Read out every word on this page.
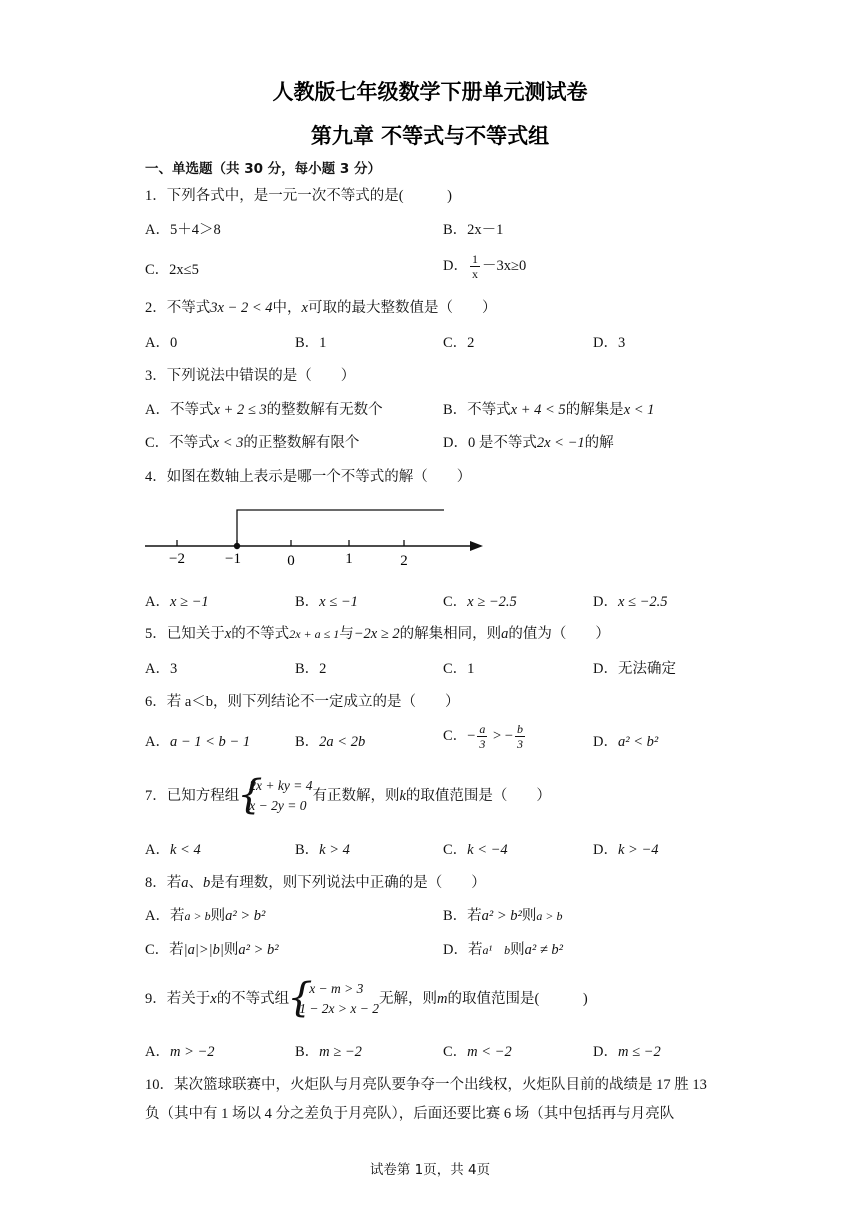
人教版七年级数学下册单元测试卷
第九章 不等式与不等式组
一、单选题（共 30 分，每小题 3 分）
1．下列各式中，是一元一次不等式的是(　　　)
A．5＋4＞8	B．2x－1
C．2x≤5	D． $\frac{1}{x} -3x\ge 0$
2．不等式3x − 2 < 4中，x可取的最大整数值是（　　）
A．0	B．1	C．2	D．3
3．下列说法中错误的是（　　）
A．不等式x + 2 ≤ 3的整数解有无数个	B．不等式x + 4 < 5的解集是x < 1
C．不等式x < 3的正整数解有限个	D．0 是不等式2x < −1的解
4．如图在数轴上表示是哪一个不等式的解（　　）
−2	−1	0	1	2
A．x ≥ −1	B．x ≤ −1	C．x ≥ −2.5	D．x ≤ −2.5
5．已知关于x的不等式2x + a ≤ 1与−2x ≥ 2的解集相同，则a的值为（　　）
A．3	B．2	C．1	D．无法确定
6．若 a＜b，则下列结论不一定成立的是（　　）
A．a − 1 < b − 1	B．2a < 2b	C．− $\frac{a}{3}$ > − $\frac{b}{3}$	D．a² < b²
7．已知方程组
{ 2x + ky = 4
x − 2y = 0
有正数解，则k的取值范围是（　　）
A．k < 4	B．k > 4	C．k < −4	D．k > −4
8．若a、b是有理数，则下列说法中正确的是（　　）
A．若a > b则a² > b²	B．若a² > b²则a > b
C．若|a|>|b|则a² > b²	D．若a¹　b则a² ≠ b²
9．若关于x的不等式组
{ x − m > 3
1 − 2x > x − 2
无解，则m的取值范围是(　　　)
A．m > −2	B．m ≥ −2	C．m < −2	D．m ≤ −2
10．某次篮球联赛中，火炬队与月亮队要争夺一个出线权，火炬队目前的战绩是 17 胜 13 负（其中有 1 场以 4 分之差负于月亮队），后面还要比赛 6 场（其中包括再与月亮队
试卷第 1页，共 4页
